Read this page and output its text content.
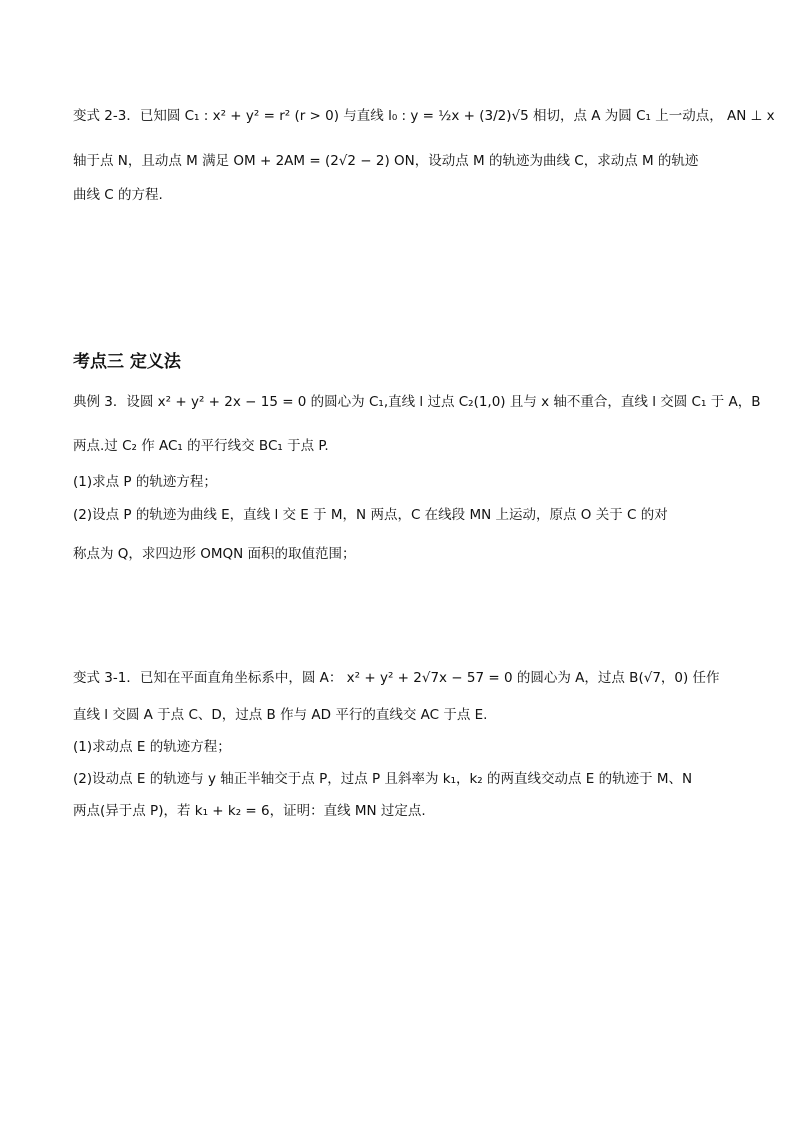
变式 2-3．已知圆 C₁ : x² + y² = r² (r > 0) 与直线 l₀ : y = ½x + (3/2)√5 相切，点 A 为圆 C₁ 上一动点， AN ⊥ x
轴于点 N，且动点 M 满足 OM + 2AM = (2√2 − 2) ON，设动点 M 的轨迹为曲线 C，求动点 M 的轨迹
曲线 C 的方程.
考点三 定义法
典例 3．设圆 x² + y² + 2x − 15 = 0 的圆心为 C₁,直线 l 过点 C₂(1,0) 且与 x 轴不重合，直线 l 交圆 C₁ 于 A，B
两点.过 C₂ 作 AC₁ 的平行线交 BC₁ 于点 P.
(1)求点 P 的轨迹方程；
(2)设点 P 的轨迹为曲线 E，直线 l 交 E 于 M，N 两点，C 在线段 MN 上运动，原点 O 关于 C 的对
称点为 Q，求四边形 OMQN 面积的取值范围；
变式 3-1．已知在平面直角坐标系中，圆 A： x² + y² + 2√7x − 57 = 0 的圆心为 A，过点 B(√7，0) 任作
直线 l 交圆 A 于点 C、D，过点 B 作与 AD 平行的直线交 AC 于点 E.
(1)求动点 E 的轨迹方程；
(2)设动点 E 的轨迹与 y 轴正半轴交于点 P，过点 P 且斜率为 k₁，k₂ 的两直线交动点 E 的轨迹于 M、N
两点(异于点 P)，若 k₁ + k₂ = 6，证明：直线 MN 过定点.
